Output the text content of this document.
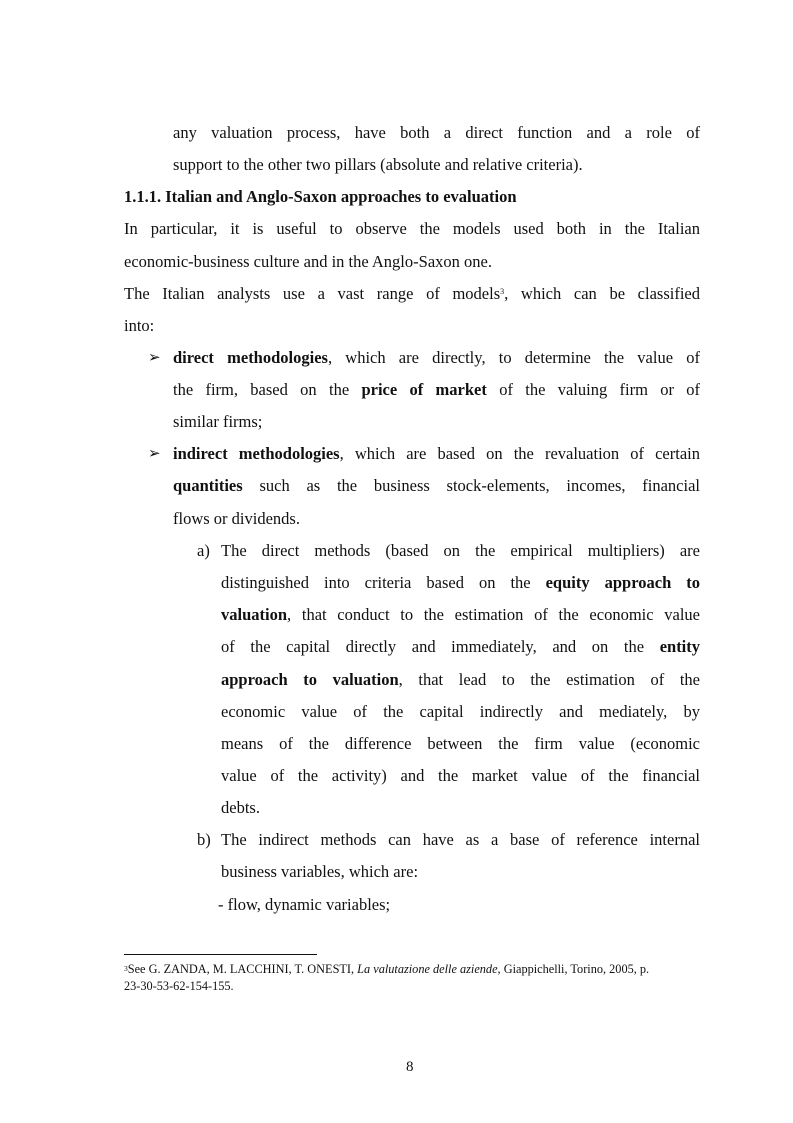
any valuation process, have both a direct function and a role of
support to the other two pillars (absolute and relative criteria).
1.1.1. Italian and Anglo-Saxon approaches to evaluation
In particular, it is useful to observe the models used both in the Italian
economic-business culture and in the Anglo-Saxon one.
The Italian analysts use a vast range of models$^3$, which can be classified
into:
➢ direct methodologies, which are directly, to determine the value of
the firm, based on the price of market of the valuing firm or of
similar firms;
➢ indirect methodologies, which are based on the revaluation of certain
quantities such as the business stock-elements, incomes, financial
flows or dividends.
a) The direct methods (based on the empirical multipliers) are
distinguished into criteria based on the equity approach to
valuation, that conduct to the estimation of the economic value
of the capital directly and immediately, and on the entity
approach to valuation, that lead to the estimation of the
economic value of the capital indirectly and mediately, by
means of the difference between the firm value (economic
value of the activity) and the market value of the financial
debts.
b) The indirect methods can have as a base of reference internal
business variables, which are:
- flow, dynamic variables;
$^3$See G. ZANDA, M. LACCHINI, T. ONESTI, La valutazione delle aziende, Giappichelli, Torino, 2005, p.
23-30-53-62-154-155.
8
